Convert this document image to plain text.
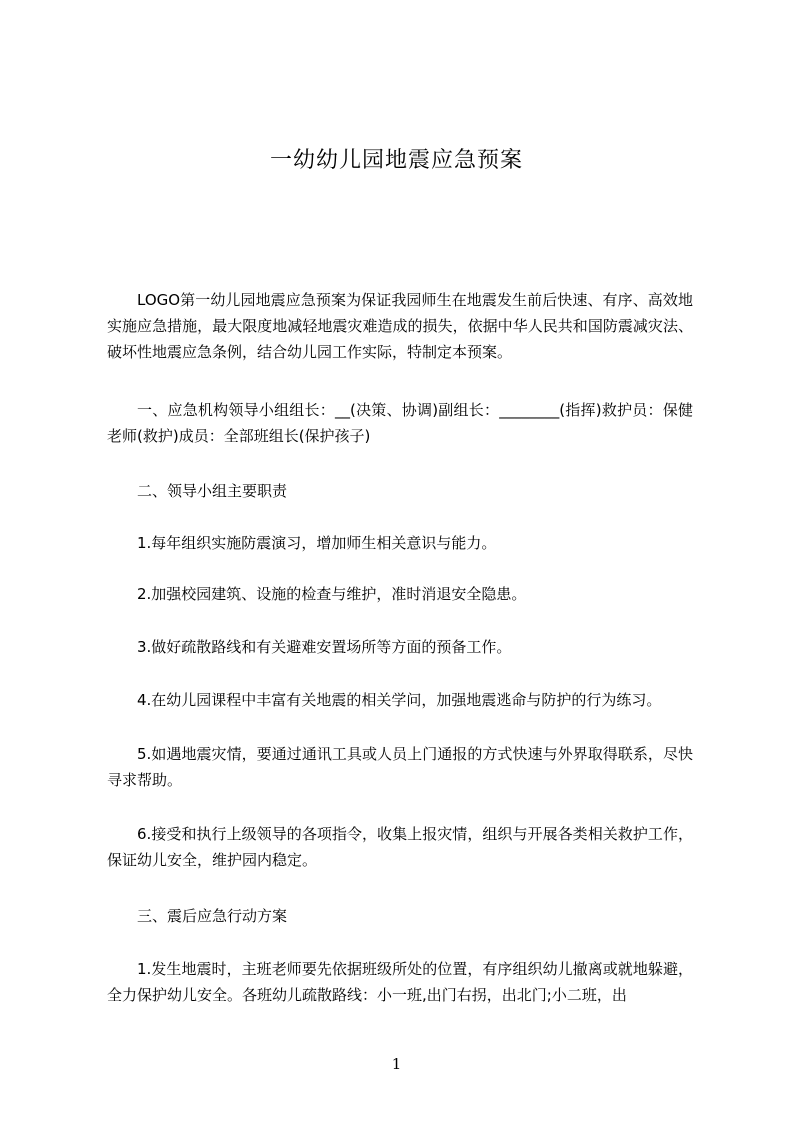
一幼幼儿园地震应急预案

LOGO第一幼儿园地震应急预案为保证我园师生在地震发生前后快速、有序、高效地实施应急措施，最大限度地减轻地震灾难造成的损失，依据中华人民共和国防震减灾法、破坏性地震应急条例，结合幼儿园工作实际，特制定本预案。

一、应急机构领导小组组长：__(决策、协调)副组长：________(指挥)救护员：保健老师(救护)成员：全部班组长(保护孩子)

二、领导小组主要职责

1.每年组织实施防震演习，增加师生相关意识与能力。

2.加强校园建筑、设施的检查与维护，准时消退安全隐患。

3.做好疏散路线和有关避难安置场所等方面的预备工作。

4.在幼儿园课程中丰富有关地震的相关学问，加强地震逃命与防护的行为练习。

5.如遇地震灾情，要通过通讯工具或人员上门通报的方式快速与外界取得联系，尽快寻求帮助。

6.接受和执行上级领导的各项指令，收集上报灾情，组织与开展各类相关救护工作，保证幼儿安全，维护园内稳定。

三、震后应急行动方案

1.发生地震时，主班老师要先依据班级所处的位置，有序组织幼儿撤离或就地躲避，全力保护幼儿安全。各班幼儿疏散路线：小一班,出门右拐，出北门;小二班，出

1
